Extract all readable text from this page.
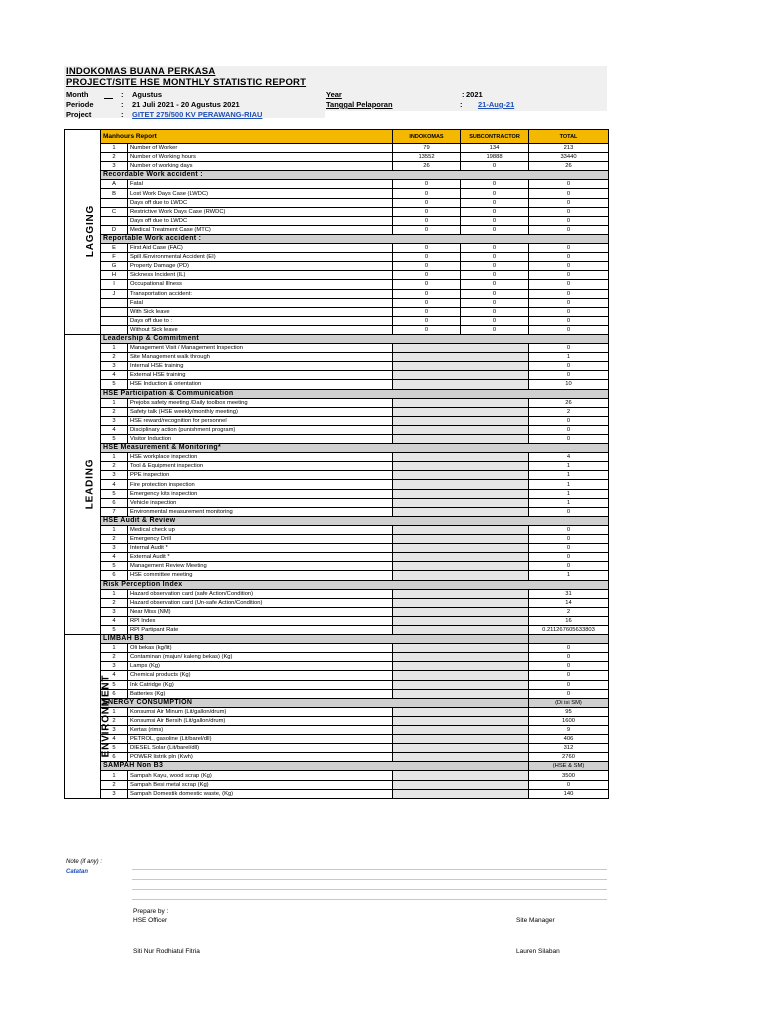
INDOKOMAS BUANA PERKASA
PROJECT/SITE HSE MONTHLY STATISTIC REPORT
Month	: Agustus
Periode	: 21 Juli 2021 - 20 Agustus 2021
Project	: GITET 275/500 KV PERAWANG-RIAU
Year	: 2021
Tanggal Pelaporan	: 21-Aug-21
LAGGING	Manhours Report		INDOKOMAS	SUBCONTRACTOR	TOTAL
	1	Number of Worker	79	134	213
	2	Number of Working hours	13552	19888	33440
	3	Number of working days	26	0	26
	Recordable Work accident :				
	A	Fatal	0	0	0
	B	Lost Work Days Case (LWDC)	0	0	0
		Days off due to LWDC	0	0	0
	C	Restrictive Work Days Case (RWDC)	0	0	0
		Days off due to LWDC	0	0	0
	D	Medical Treatment Case (MTC)	0	0	0
	Reportable Work accident :				
	E	First Aid Case (FAC)	0	0	0
	F	Spill /Environmental Accident (EI)	0	0	0
	G	Property Damage (PD)	0	0	0
	H	Sickness Incident (IL)	0	0	0
	I	Occupational Illness	0	0	0
	J	Transportation accident:	0	0	0
		Fatal	0	0	0
		With Sick leave	0	0	0
		Days off due to :	0	0	0
		Without Sick leave	0	0	0
LEADING	Leadership & Commitment				
	1	Management Visit / Management Inspection			0
	2	Site Management walk through			1
	3	Internal HSE training			0
	4	External HSE training			0
	5	HSE Induction & orientation			10
	HSE Participation & Communication				
	1	Prejobs safety meeting /Daily toolbox meeting			26
	2	Safety talk (HSE weekly/monthly meeting)			2
	3	HSE reward/recognition for personnel			0
	4	Disciplinary action (punishment program)			0
	5	Visitor Induction			0
	HSE Measurement & Monitoring*				
	1	HSE workplace inspection			4
	2	Tool & Equipment inspection			1
	3	PPE inspection			1
	4	Fire protection inspection			1
	5	Emergency kits inspection			1
	6	Vehicle inspection			1
	7	Environmental measurement monitoring			0
	HSE Audit & Review				
	1	Medical check up			0
	2	Emergency Drill			0
	3	Internal Audit *			0
	4	External Audit *			0
	5	Management Review Meeting			0
	6	HSE committee meeting			1
	Risk Perception Index				
	1	Hazard observation card (safe Action/Condition)			31
	2	Hazard observation card (Un-safe Action/Condition)			14
	3	Near Miss (NM)			2
	4	RPI Index			16
	5	RPI Partipant Rate			0.211267605633803
ENVIRONMENT	LIMBAH B3				
	1	Oli bekas (kg/lit)			0
	2	Contaminan (majun/ kaleng bekas) (Kg)			0
	3	Lamps (Kg)			0
	4	Chemical products (Kg)			0
	5	Ink Catridge (Kg)			0
	6	Batteries (Kg)			0
	ENERGY CONSUMPTION				(Di isi SM)
	1	Konsumsi Air Minum (Lit/gallon/drum)			95
	2	Konsumsi Air Bersih (Lit/gallon/drum)			1600
	3	Kertas (rims)			9
	4	PETROL, gasoline (Lit/barel/dll)			406
	5	DIESEL Solar (Lit/barel/dll)			312
	6	POWER listrik pln (Kwh)			2760
	SAMPAH Non B3				(HSE & SM)
	1	Sampah Kayu, wood scrap (Kg)			3500
	2	Sampah Besi metal scrap (Kg)			0
	3	Sampah Domestik domestic waste, (Kg)			140
Note (if any) :
Catatan
Prepare by :
HSE Officer	Site Manager
Siti Nur Rodhiatul Fitria	Lauren Silaban
